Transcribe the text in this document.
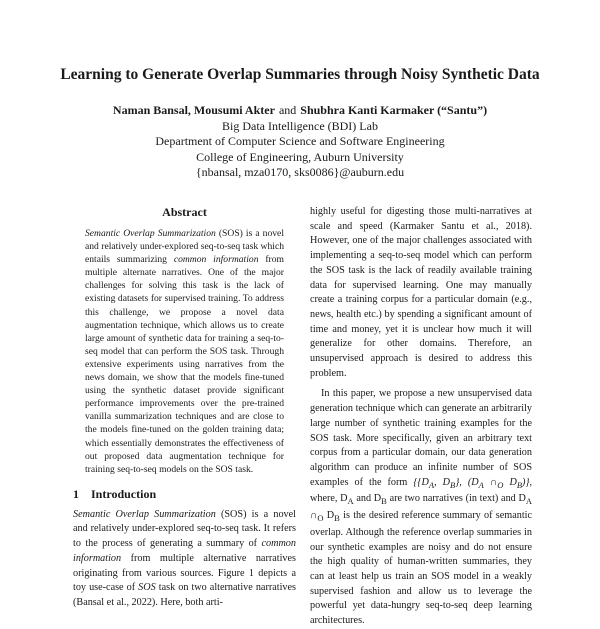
Learning to Generate Overlap Summaries through Noisy Synthetic Data
Naman Bansal, Mousumi Akter and Shubhra Kanti Karmaker (“Santu”)
Big Data Intelligence (BDI) Lab
Department of Computer Science and Software Engineering
College of Engineering, Auburn University
{nbansal, mza0170, sks0086}@auburn.edu
Abstract

Semantic Overlap Summarization (SOS) is a novel and relatively under-explored seq-to-seq task which entails summarizing common information from multiple alternate narratives. One of the major challenges for solving this task is the lack of existing datasets for supervised training. To address this challenge, we propose a novel data augmentation technique, which allows us to create large amount of synthetic data for training a seq-to-seq model that can perform the SOS task. Through extensive experiments using narratives from the news domain, we show that the models fine-tuned using the synthetic dataset provide significant performance improvements over the pre-trained vanilla summarization techniques and are close to the models fine-tuned on the golden training data; which essentially demonstrates the effectiveness of out proposed data augmentation technique for training seq-to-seq models on the SOS task.

1 Introduction

Semantic Overlap Summarization (SOS) is a novel and relatively under-explored seq-to-seq task. It refers to the process of generating a summary of common information from multiple alternative narratives originating from various sources. Figure 1 depicts a toy use-case of SOS task on two alternative narratives (Bansal et al., 2022). Here, both arti-

highly useful for digesting those multi-narratives at scale and speed (Karmaker Santu et al., 2018). However, one of the major challenges associated with implementing a seq-to-seq model which can perform the SOS task is the lack of readily available training data for supervised learning. One may manually create a training corpus for a particular domain (e.g., news, health etc.) by spending a significant amount of time and money, yet it is unclear how much it will generalize for other domains. Therefore, an unsupervised approach is desired to address this problem.

In this paper, we propose a new unsupervised data generation technique which can generate an arbitrarily large number of synthetic training examples for the SOS task. More specifically, given an arbitrary text corpus from a particular domain, our data generation algorithm can produce an infinite number of SOS examples of the form {{$D_A$, $D_B$}, ($D_A$ $\cap_O$ $D_B$)}, where, $D_A$ and $D_B$ are two narratives (in text) and $D_A$ $\cap_O$ $D_B$ is the desired reference summary of semantic overlap. Although the reference overlap summaries in our synthetic examples are noisy and do not ensure the high quality of human-written summaries, they can at least help us train an SOS model in a weakly supervised fashion and allow us to leverage the powerful yet data-hungry seq-to-seq deep learning architectures.
